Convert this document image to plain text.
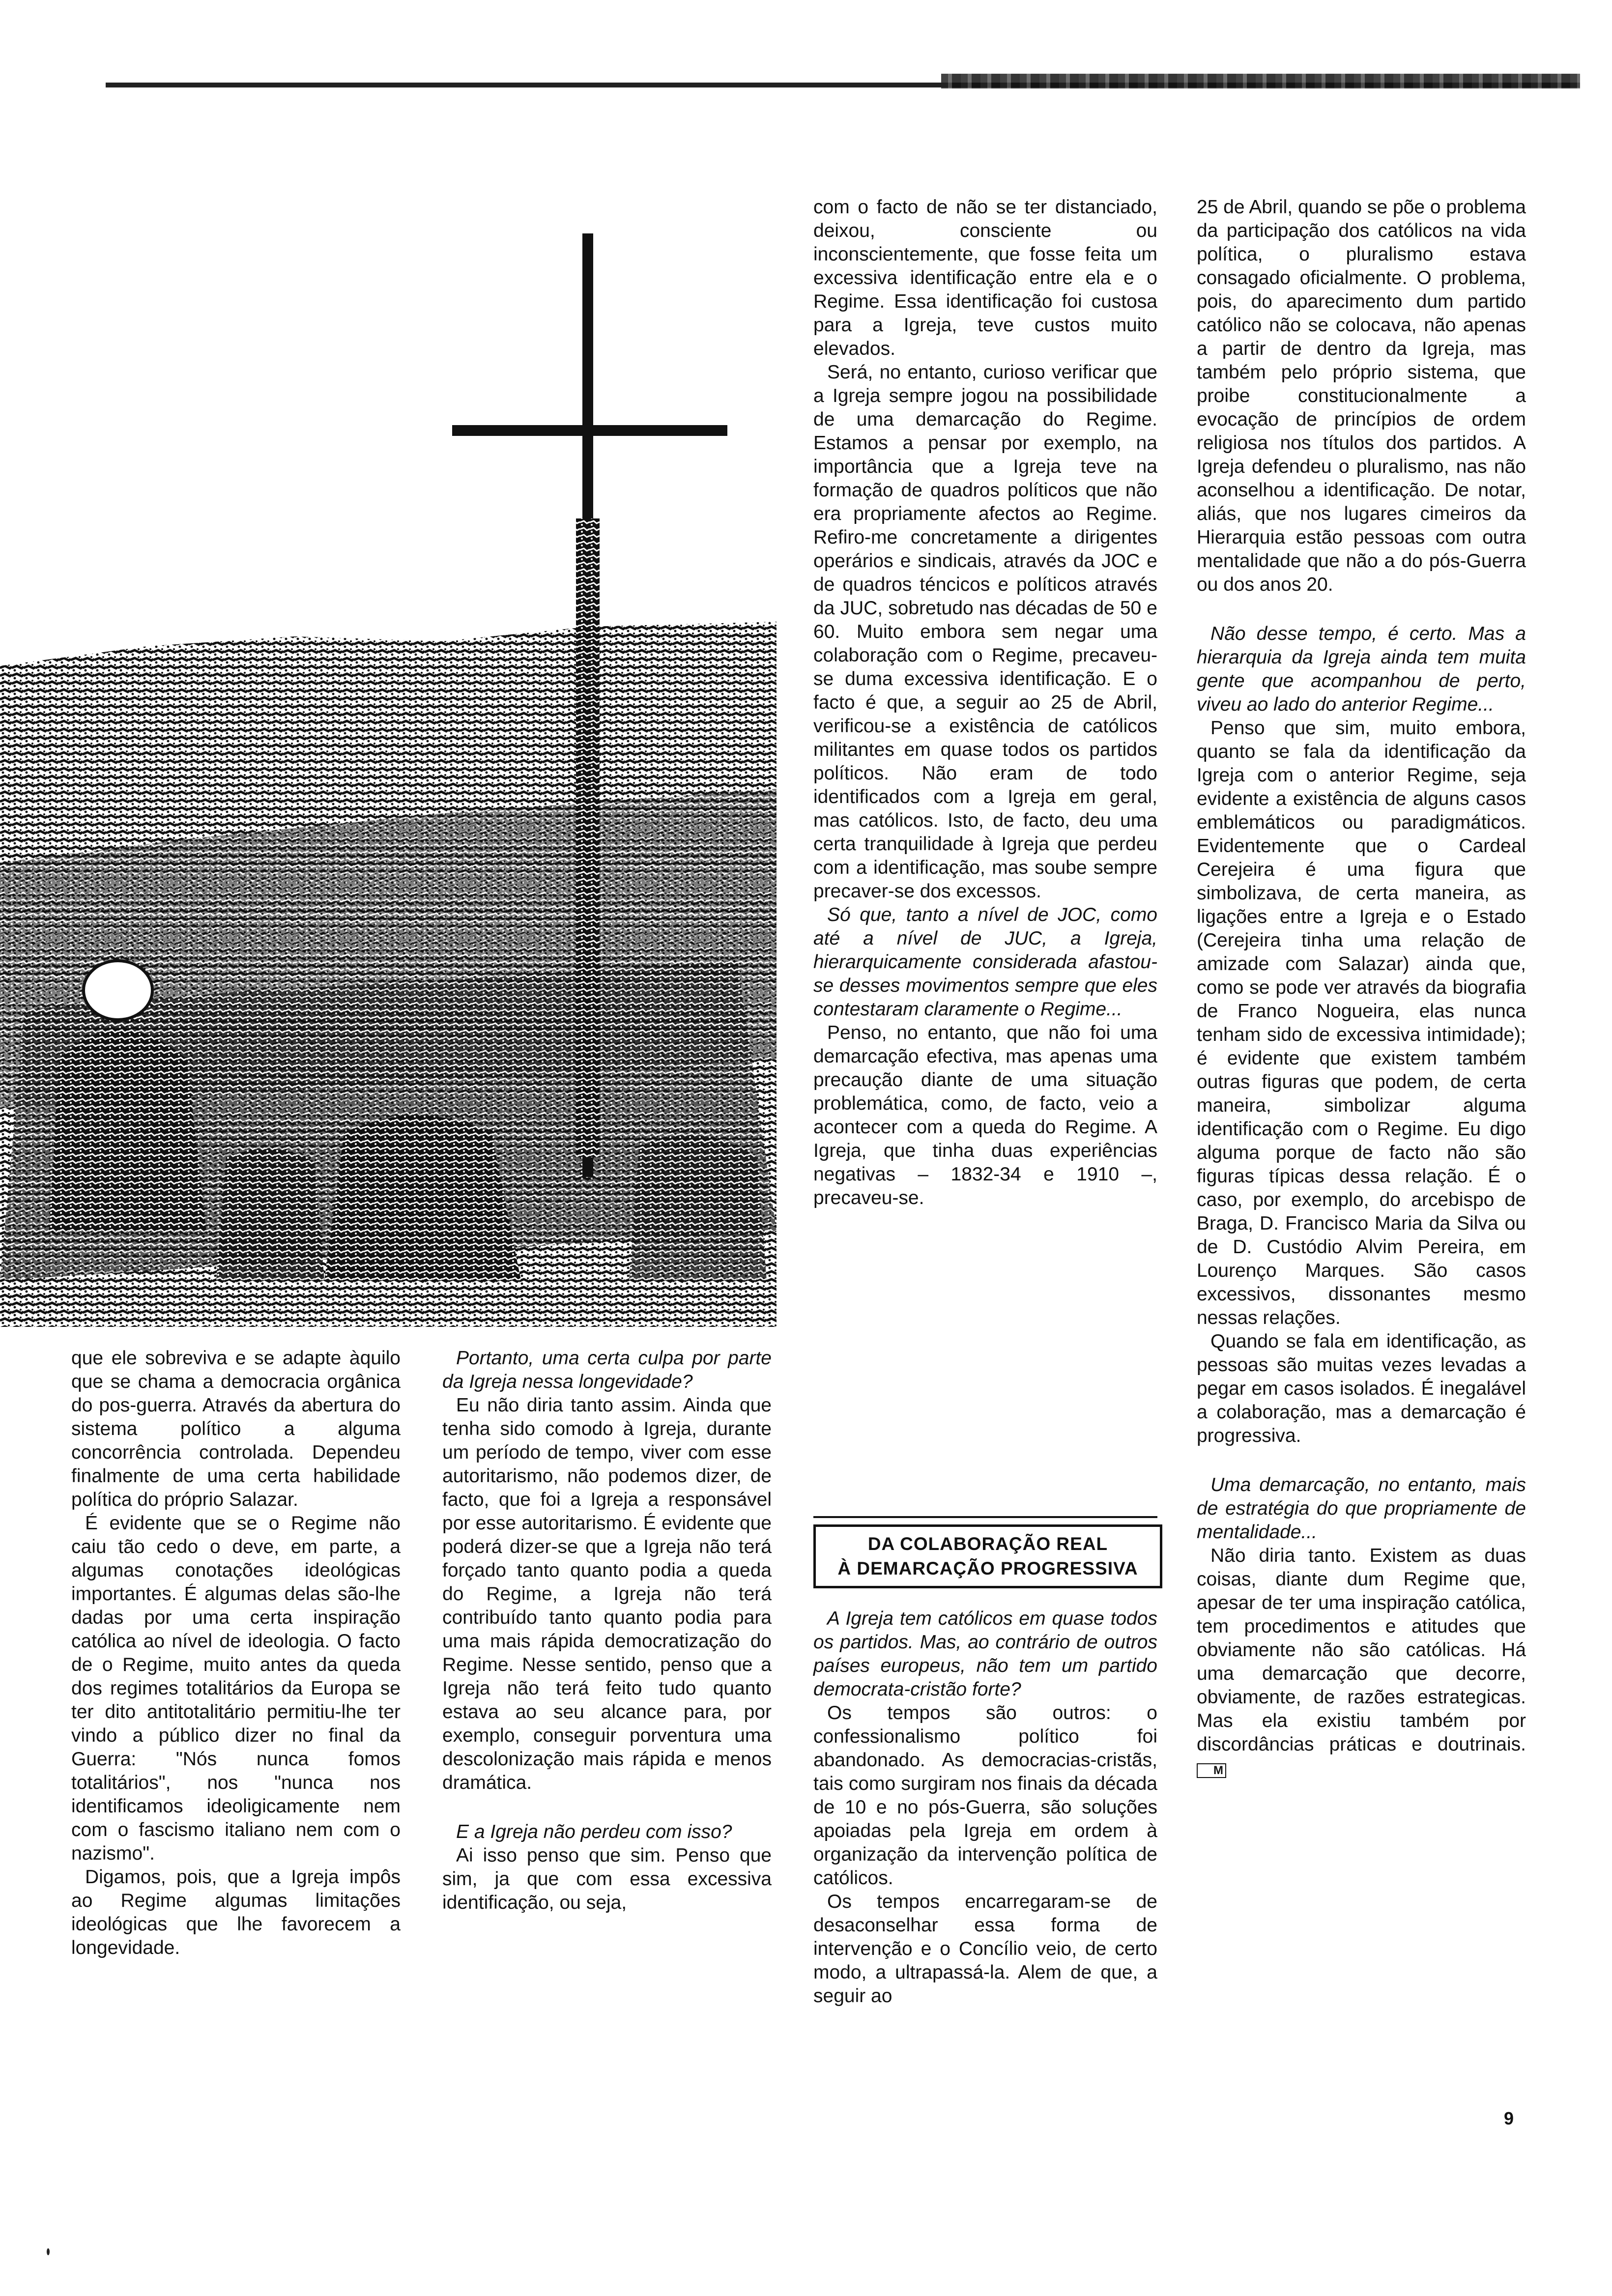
que ele sobreviva e se adapte àquilo que se chama a democracia orgânica do pos-guerra. Através da abertura do sistema político a alguma concorrência controlada. Dependeu finalmente de uma certa habilidade política do próprio Salazar.

É evidente que se o Regime não caiu tão cedo o deve, em parte, a algumas conotações ideológicas importantes. É algumas delas são-lhe dadas por uma certa inspiração católica ao nível de ideologia. O facto de o Regime, muito antes da queda dos regimes totalitários da Europa se ter dito antitotalitário permitiu-lhe ter vindo a público dizer no final da Guerra: "Nós nunca fomos totalitários", nos "nunca nos identificamos ideoligicamente nem com o fascismo italiano nem com o nazismo".

Digamos, pois, que a Igreja impôs ao Regime algumas limitações ideológicas que lhe favorecem a longevidade.

Portanto, uma certa culpa por parte da Igreja nessa longevidade?

Eu não diria tanto assim. Ainda que tenha sido comodo à Igreja, durante um período de tempo, viver com esse autoritarismo, não podemos dizer, de facto, que foi a Igreja a responsável por esse autoritarismo. É evidente que poderá dizer-se que a Igreja não terá forçado tanto quanto podia a queda do Regime, a Igreja não terá contribuído tanto quanto podia para uma mais rápida democratização do Regime. Nesse sentido, penso que a Igreja não terá feito tudo quanto estava ao seu alcance para, por exemplo, conseguir porventura uma descolonização mais rápida e menos dramática.

E a Igreja não perdeu com isso?

Ai isso penso que sim. Penso que sim, ja que com essa excessiva identificação, ou seja,

com o facto de não se ter distanciado, deixou, consciente ou inconscientemente, que fosse feita um excessiva identificação entre ela e o Regime. Essa identificação foi custosa para a Igreja, teve custos muito elevados.

Será, no entanto, curioso verificar que a Igreja sempre jogou na possibilidade de uma demarcação do Regime. Estamos a pensar por exemplo, na importância que a Igreja teve na formação de quadros políticos que não era propriamente afectos ao Regime. Refiro-me concretamente a dirigentes operários e sindicais, através da JOC e de quadros téncicos e políticos através da JUC, sobretudo nas décadas de 50 e 60. Muito embora sem negar uma colaboração com o Regime, precaveu-se duma excessiva identificação. E o facto é que, a seguir ao 25 de Abril, verificou-se a existência de católicos militantes em quase todos os partidos políticos. Não eram de todo identificados com a Igreja em geral, mas católicos. Isto, de facto, deu uma certa tranquilidade à Igreja que perdeu com a identificação, mas soube sempre precaver-se dos excessos.

Só que, tanto a nível de JOC, como até a nível de JUC, a Igreja, hierarquicamente considerada afastou-se desses movimentos sempre que eles contestaram claramente o Regime...

Penso, no entanto, que não foi uma demarcação efectiva, mas apenas uma precaução diante de uma situação problemática, como, de facto, veio a acontecer com a queda do Regime. A Igreja, que tinha duas experiências negativas – 1832-34 e 1910 –, precaveu-se.

DA COLABORAÇÃO REAL
À DEMARCAÇÃO PROGRESSIVA

A Igreja tem católicos em quase todos os partidos. Mas, ao contrário de outros países europeus, não tem um partido democrata-cristão forte?

Os tempos são outros: o confessionalismo político foi abandonado. As democracias-cristãs, tais como surgiram nos finais da década de 10 e no pós-Guerra, são soluções apoiadas pela Igreja em ordem à organização da intervenção política de católicos.

Os tempos encarregaram-se de desaconselhar essa forma de intervenção e o Concílio veio, de certo modo, a ultrapassá-la. Alem de que, a seguir ao

25 de Abril, quando se põe o problema da participação dos católicos na vida política, o pluralismo estava consagado oficialmente. O problema, pois, do aparecimento dum partido católico não se colocava, não apenas a partir de dentro da Igreja, mas também pelo próprio sistema, que proibe constitucionalmente a evocação de princípios de ordem religiosa nos títulos dos partidos. A Igreja defendeu o pluralismo, nas não aconselhou a identificação. De notar, aliás, que nos lugares cimeiros da Hierarquia estão pessoas com outra mentalidade que não a do pós-Guerra ou dos anos 20.

Não desse tempo, é certo. Mas a hierarquia da Igreja ainda tem muita gente que acompanhou de perto, viveu ao lado do anterior Regime...

Penso que sim, muito embora, quanto se fala da identificação da Igreja com o anterior Regime, seja evidente a existência de alguns casos emblemáticos ou paradigmáticos. Evidentemente que o Cardeal Cerejeira é uma figura que simbolizava, de certa maneira, as ligações entre a Igreja e o Estado (Cerejeira tinha uma relação de amizade com Salazar) ainda que, como se pode ver através da biografia de Franco Nogueira, elas nunca tenham sido de excessiva intimidade); é evidente que existem também outras figuras que podem, de certa maneira, simbolizar alguma identificação com o Regime. Eu digo alguma porque de facto não são figuras típicas dessa relação. É o caso, por exemplo, do arcebispo de Braga, D. Francisco Maria da Silva ou de D. Custódio Alvim Pereira, em Lourenço Marques. São casos excessivos, dissonantes mesmo nessas relações.

Quando se fala em identificação, as pessoas são muitas vezes levadas a pegar em casos isolados. É inegalável a colaboração, mas a demarcação é progressiva.

Uma demarcação, no entanto, mais de estratégia do que propriamente de mentalidade...

Não diria tanto. Existem as duas coisas, diante dum Regime que, apesar de ter uma inspiração católica, tem procedimentos e atitudes que obviamente não são católicas. Há uma demarcação que decorre, obviamente, de razões estrategicas. Mas ela existiu também por discordâncias práticas e doutrinais. M

9
